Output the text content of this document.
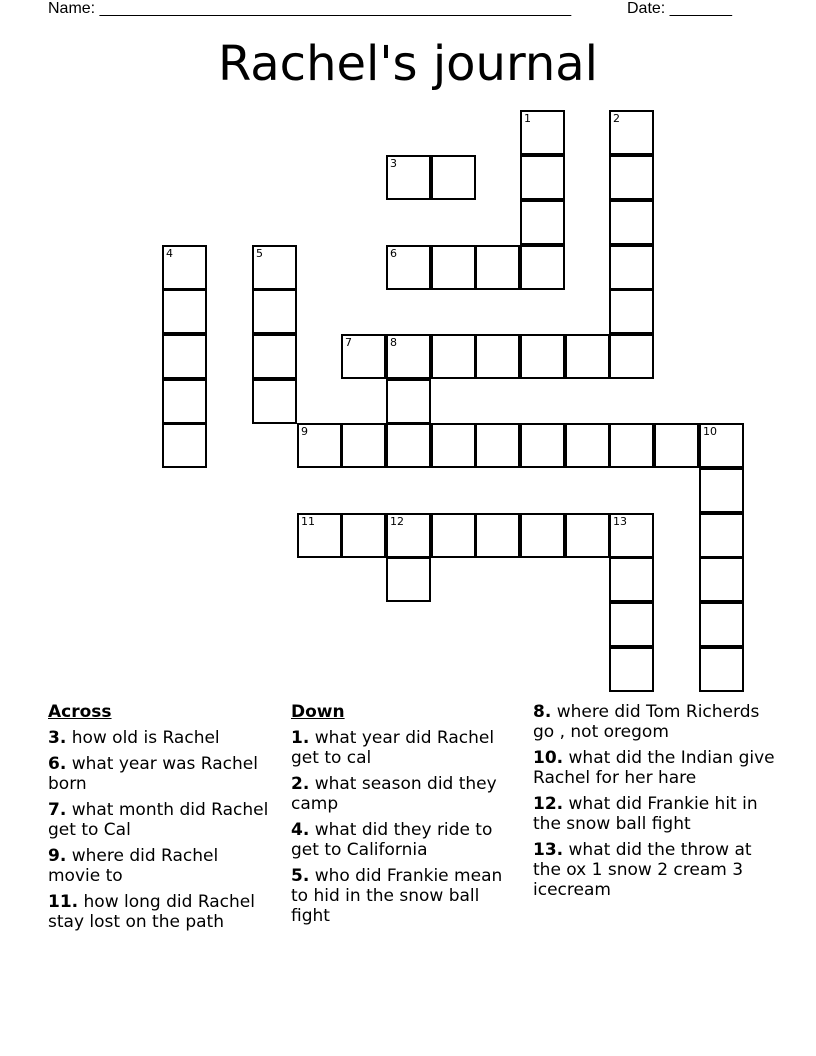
Name: _____________________________________________________	Date: _______
Rachel's journal
1	2
3
4	5	6
7	8
9	10
11	12	13
Across
3. how old is Rachel
6. what year was Rachel born
7. what month did Rachel get to Cal
9. where did Rachel movie to
11. how long did Rachel stay lost on the path
Down
1. what year did Rachel get to cal
2. what season did they camp
4. what did they ride to get to California
5. who did Frankie mean to hid in the snow ball fight
8. where did Tom Richerds go , not oregom
10. what did the Indian give Rachel for her hare
12. what did Frankie hit in the snow ball fight
13. what did the throw at the ox 1 snow 2 cream 3 icecream
